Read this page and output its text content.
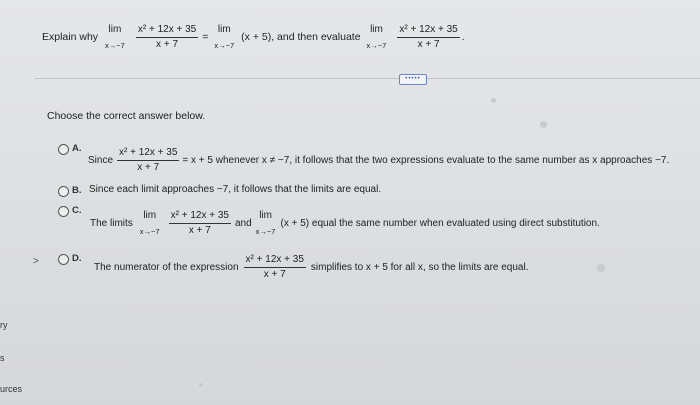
Explain why
lim
$x\to-7 \frac{\text{x² + 12x + 35}}{x + 7}$ =
lim
x→−7
(x + 5), and then evaluate
lim
$x\to-7 \frac{\text{x² + 12x + 35}}{x + 7}$ .
•••••
Choose the correct answer below.
A.
Since $\frac{\text{x² + 12x + 35}}{x + 7} = x + 5$ whenever x ≠ −7, it follows that the two expressions evaluate to the same number as x approaches −7.
B. Since each limit approaches −7, it follows that the limits are equal.
C.
The limits
lim
$x\to-7 \frac{\text{x² + 12x + 35}}{x + 7}$ and
lim
x→−7
(x + 5) equal the same number when evaluated using direct substitution.
D.
The numerator of the expression $\frac{\text{x² + 12x + 35}}{x + 7}$ simplifies to x + 5 for all x, so the limits are equal.
>
ry
s
urces
